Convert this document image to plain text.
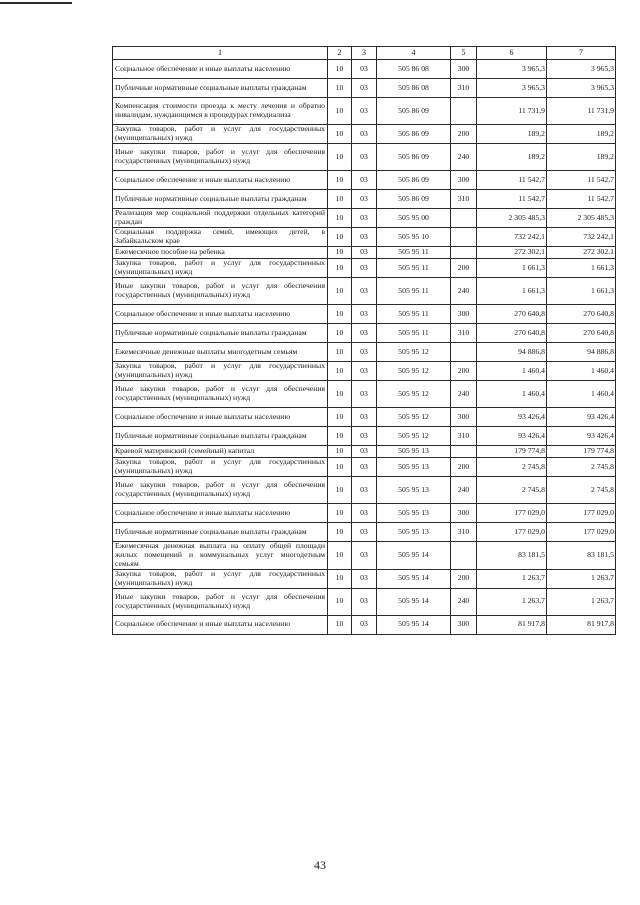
1	2	3	4	5	6	7
Социальное обеспечение и иные выплаты населению	10	03	505 86 08	300	3 965,3	3 965,3
Публичные нормативные социальные выплаты гражданам	10	03	505 86 08	310	3 965,3	3 965,3
Компенсация стоимости проезда к месту лечения и обратно инвалидам, нуждающимся в процедурах гемодиализа	10	03	505 86 09		11 731,9	11 731,9
Закупка товаров, работ и услуг для государственных (муниципальных) нужд	10	03	505 86 09	200	189,2	189,2
Иные закупки товаров, работ и услуг для обеспечения государственных (муниципальных) нужд	10	03	505 86 09	240	189,2	189,2
Социальное обеспечение и иные выплаты населению	10	03	505 86 09	300	11 542,7	11 542,7
Публичные нормативные социальные выплаты гражданам	10	03	505 86 09	310	11 542,7	11 542,7
Реализация мер социальной поддержки отдельных категорий граждан	10	03	505 95 00		2 305 485,3	2 305 485,3
Социальная поддержка семей, имеющих детей, в Забайкальском крае	10	03	505 95 10		732 242,1	732 242,1
Ежемесячное пособие на ребенка	10	03	505 95 11		272 302,1	272 302,1
Закупка товаров, работ и услуг для государственных (муниципальных) нужд	10	03	505 95 11	200	1 661,3	1 661,3
Иные закупки товаров, работ и услуг для обеспечения государственных (муниципальных) нужд	10	03	505 95 11	240	1 661,3	1 661,3
Социальное обеспечение и иные выплаты населению	10	03	505 95 11	300	270 640,8	270 640,8
Публичные нормативные социальные выплаты гражданам	10	03	505 95 11	310	270 640,8	270 640,8
Ежемесячные денежные выплаты многодетным семьям	10	03	505 95 12		94 886,8	94 886,8
Закупка товаров, работ и услуг для государственных (муниципальных) нужд	10	03	505 95 12	200	1 460,4	1 460,4
Иные закупки товаров, работ и услуг для обеспечения государственных (муниципальных) нужд	10	03	505 95 12	240	1 460,4	1 460,4
Социальное обеспечение и иные выплаты населению	10	03	505 95 12	300	93 426,4	93 426,4
Публичные нормативные социальные выплаты гражданам	10	03	505 95 12	310	93 426,4	93 426,4
Краевой материнский (семейный) капитал	10	03	505 95 13		179 774,8	179 774,8
Закупка товаров, работ и услуг для государственных (муниципальных) нужд	10	03	505 95 13	200	2 745,8	2 745,8
Иные закупки товаров, работ и услуг для обеспечения государственных (муниципальных) нужд	10	03	505 95 13	240	2 745,8	2 745,8
Социальное обеспечение и иные выплаты населению	10	03	505 95 13	300	177 029,0	177 029,0
Публичные нормативные социальные выплаты гражданам	10	03	505 95 13	310	177 029,0	177 029,0
Ежемесячная денежная выплата на оплату общей площади жилых помещений и коммунальных услуг многодетным семьям	10	03	505 95 14		83 181,5	83 181,5
Закупка товаров, работ и услуг для государственных (муниципальных) нужд	10	03	505 95 14	200	1 263,7	1 263,7
Иные закупки товаров, работ и услуг для обеспечения государственных (муниципальных) нужд	10	03	505 95 14	240	1 263,7	1 263,7
Социальное обеспечение и иные выплаты населению	10	03	505 95 14	300	81 917,8	81 917,8
43
